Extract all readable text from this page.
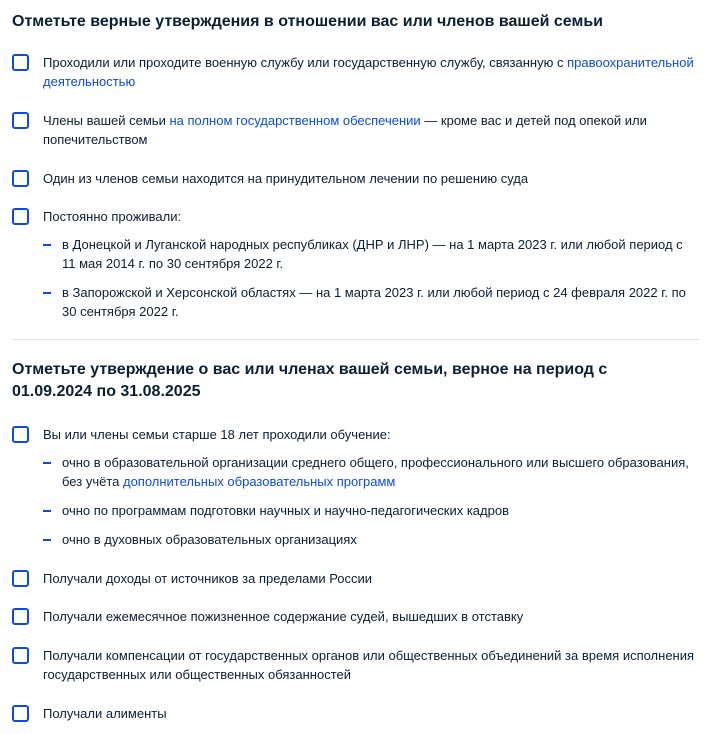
Отметьте верные утверждения в отношении вас или членов вашей семьи
Проходили или проходите военную службу или государственную службу, связанную с правоохранительной деятельностью
Члены вашей семьи на полном государственном обеспечении — кроме вас и детей под опекой или попечительством
Один из членов семьи находится на принудительном лечении по решению суда
Постоянно проживали:
в Донецкой и Луганской народных республиках (ДНР и ЛНР) — на 1 марта 2023 г. или любой период с 11 мая 2014 г. по 30 сентября 2022 г.
в Запорожской и Херсонской областях — на 1 марта 2023 г. или любой период с 24 февраля 2022 г. по 30 сентября 2022 г.
Отметьте утверждение о вас или членах вашей семьи, верное на период с 01.09.2024 по 31.08.2025
Вы или члены семьи старше 18 лет проходили обучение:
очно в образовательной организации среднего общего, профессионального или высшего образования, без учёта дополнительных образовательных программ
очно по программам подготовки научных и научно-педагогических кадров
очно в духовных образовательных организациях
Получали доходы от источников за пределами России
Получали ежемесячное пожизненное содержание судей, вышедших в отставку
Получали компенсации от государственных органов или общественных объединений за время исполнения государственных или общественных обязанностей
Получали алименты
